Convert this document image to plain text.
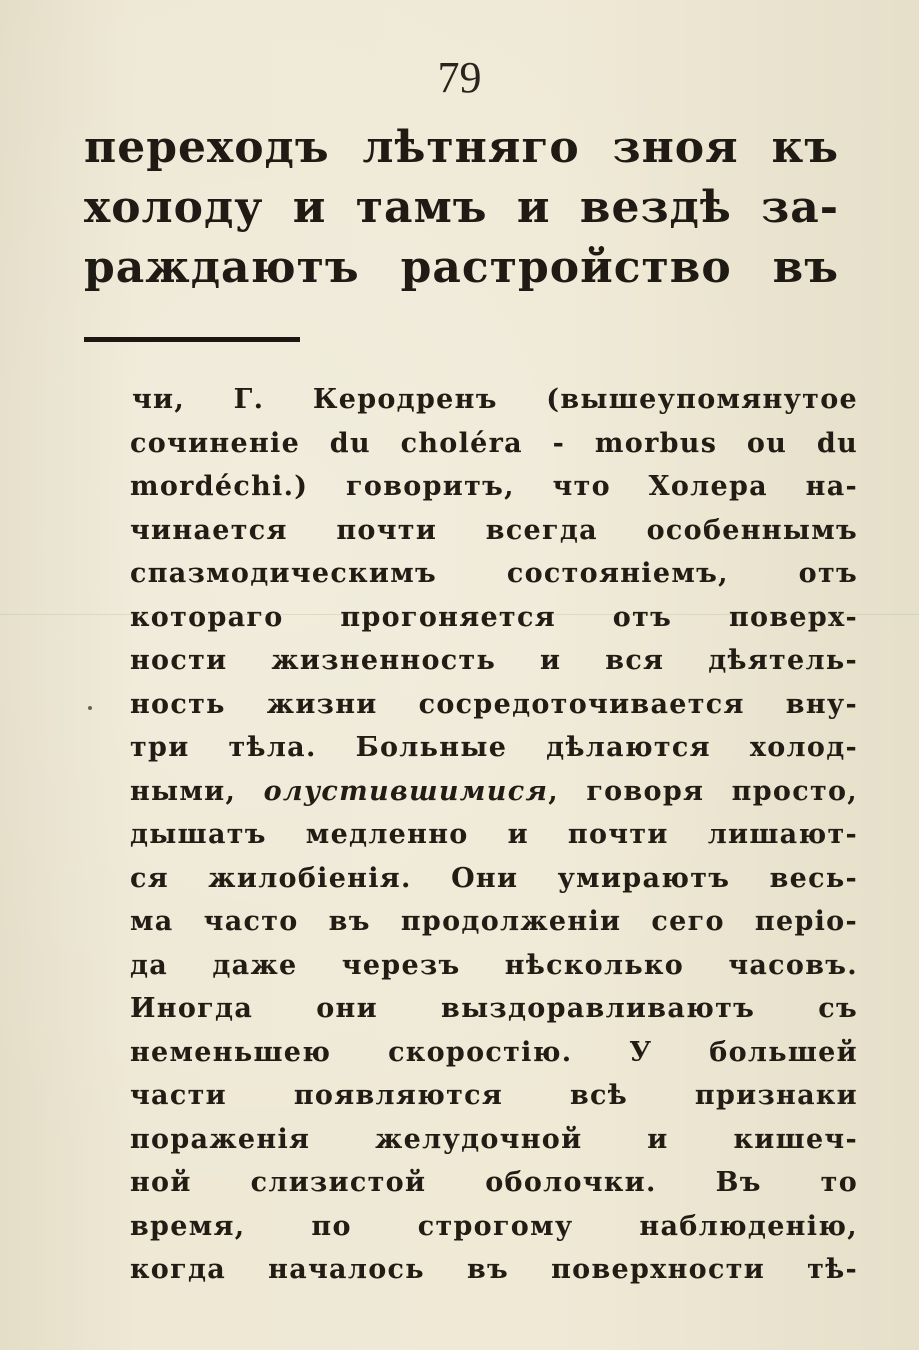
79
переходъ лѣтняго зноя къ
холоду и тамъ и вездѣ за-
раждаютъ растройство въ
чи, Г. Керодренъ (вышеупомянутое
сочиненіе du choléra - morbus ou du
mordéchi.) говоритъ, что Холера на-
чинается почти всегда особеннымъ
спазмодическимъ состояніемъ, отъ
котораго прогоняется отъ поверх-
ности жизненность и вся дѣятель-
ность жизни сосредоточивается вну-
три тѣла. Больные дѣлаются холод-
ными, олустившимися, говоря просто,
дышатъ медленно и почти лишают-
ся жилобіенія. Они умираютъ весь-
ма часто въ продолженіи сего періо-
да даже черезъ нѣсколько часовъ.
Иногда они выздоравливаютъ съ
неменьшею скоростію. У большей
части появляются всѣ признаки
пораженія желудочной и кишеч-
ной слизистой оболочки. Въ то
время, по строгому наблюденію,
когда началось въ поверхности тѣ-
